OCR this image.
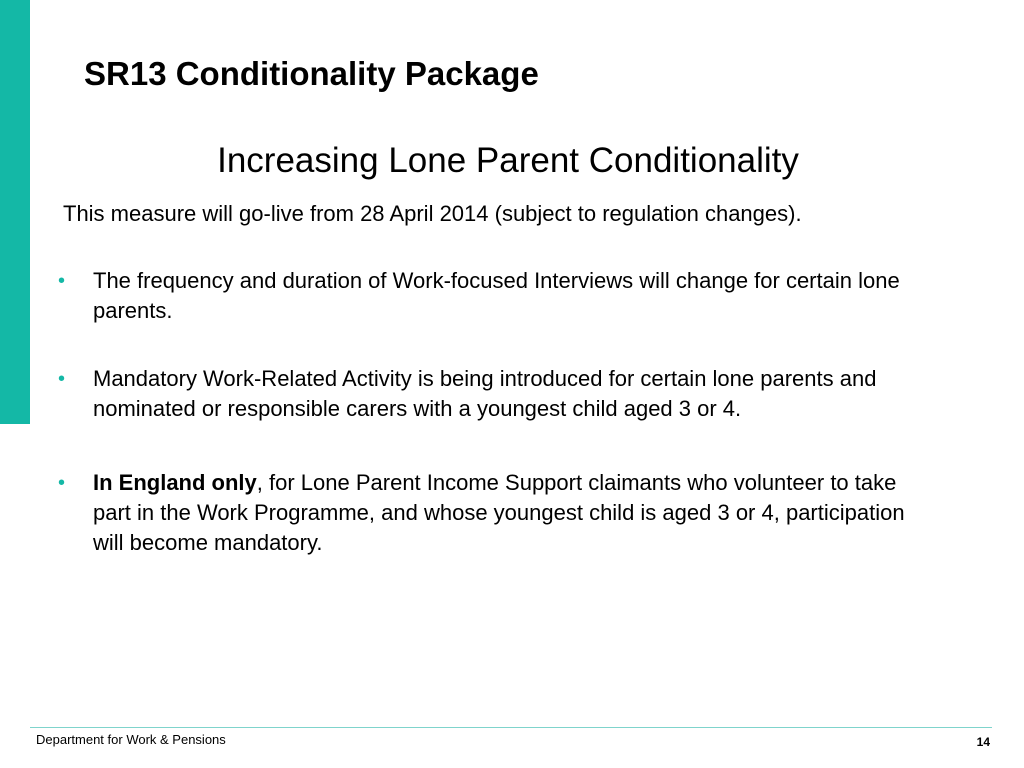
SR13 Conditionality Package
Increasing Lone Parent Conditionality

This measure will go-live from 28 April 2014 (subject to regulation changes).

•	The frequency and duration of Work-focused Interviews will change for certain lone parents.
•	Mandatory Work-Related Activity is being introduced for certain lone parents and nominated or responsible carers with a youngest child aged 3 or 4.
•	In England only, for Lone Parent Income Support claimants who volunteer to take part in the Work Programme, and whose youngest child is aged 3 or 4, participation will become mandatory.
Department for Work & Pensions	14
